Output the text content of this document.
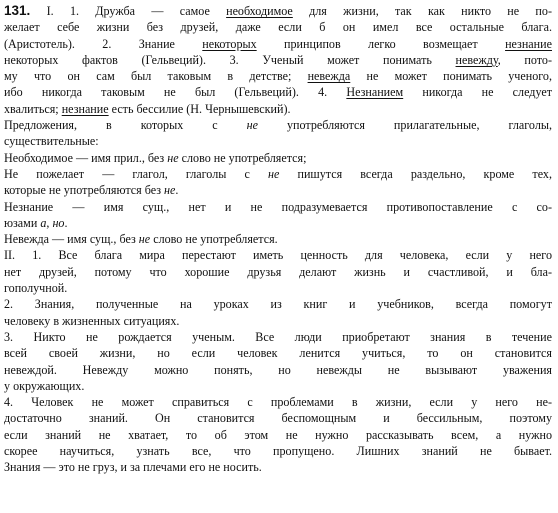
131. I. 1. Дружба — самое необходимое для жизни, так как никто не по-
желает себе жизни без друзей, даже если б он имел все остальные блага.
(Аристотель). 2. Знание некоторых принципов легко возмещает незнание
некоторых фактов (Гельвеций). 3. Ученый может понимать невежду, пото-
му что он сам был таковым в детстве; невежда не может понимать ученого,
ибо никогда таковым не был (Гельвеций). 4. Незнанием никогда не следует
хвалиться; незнание есть бессилие (Н. Чернышевский).
Предложения, в которых с не употребляются прилагательные, глаголы,
существительные:
Необходимое — имя прил., без не слово не употребляется;
Не пожелает — глагол, глаголы с не пишутся всегда раздельно, кроме тех,
которые не употребляются без не.
Незнание — имя сущ., нет и не подразумевается противопоставление с со-
юзами а, но.
Невежда — имя сущ., без не слово не употребляется.
II. 1. Все блага мира перестают иметь ценность для человека, если у него
нет друзей, потому что хорошие друзья делают жизнь и счастливой, и бла-
гополучной.
2. Знания, полученные на уроках из книг и учебников, всегда помогут
человеку в жизненных ситуациях.
3. Никто не рождается ученым. Все люди приобретают знания в течение
всей своей жизни, но если человек ленится учиться, то он становится
невеждой. Невежду можно понять, но невежды не вызывают уважения
у окружающих.
4. Человек не может справиться с проблемами в жизни, если у него не-
достаточно знаний. Он становится беспомощным и бессильным, поэтому
если знаний не хватает, то об этом не нужно рассказывать всем, а нужно
скорее научиться, узнать все, что пропущено. Лишних знаний не бывает.
Знания — это не груз, и за плечами его не носить.
